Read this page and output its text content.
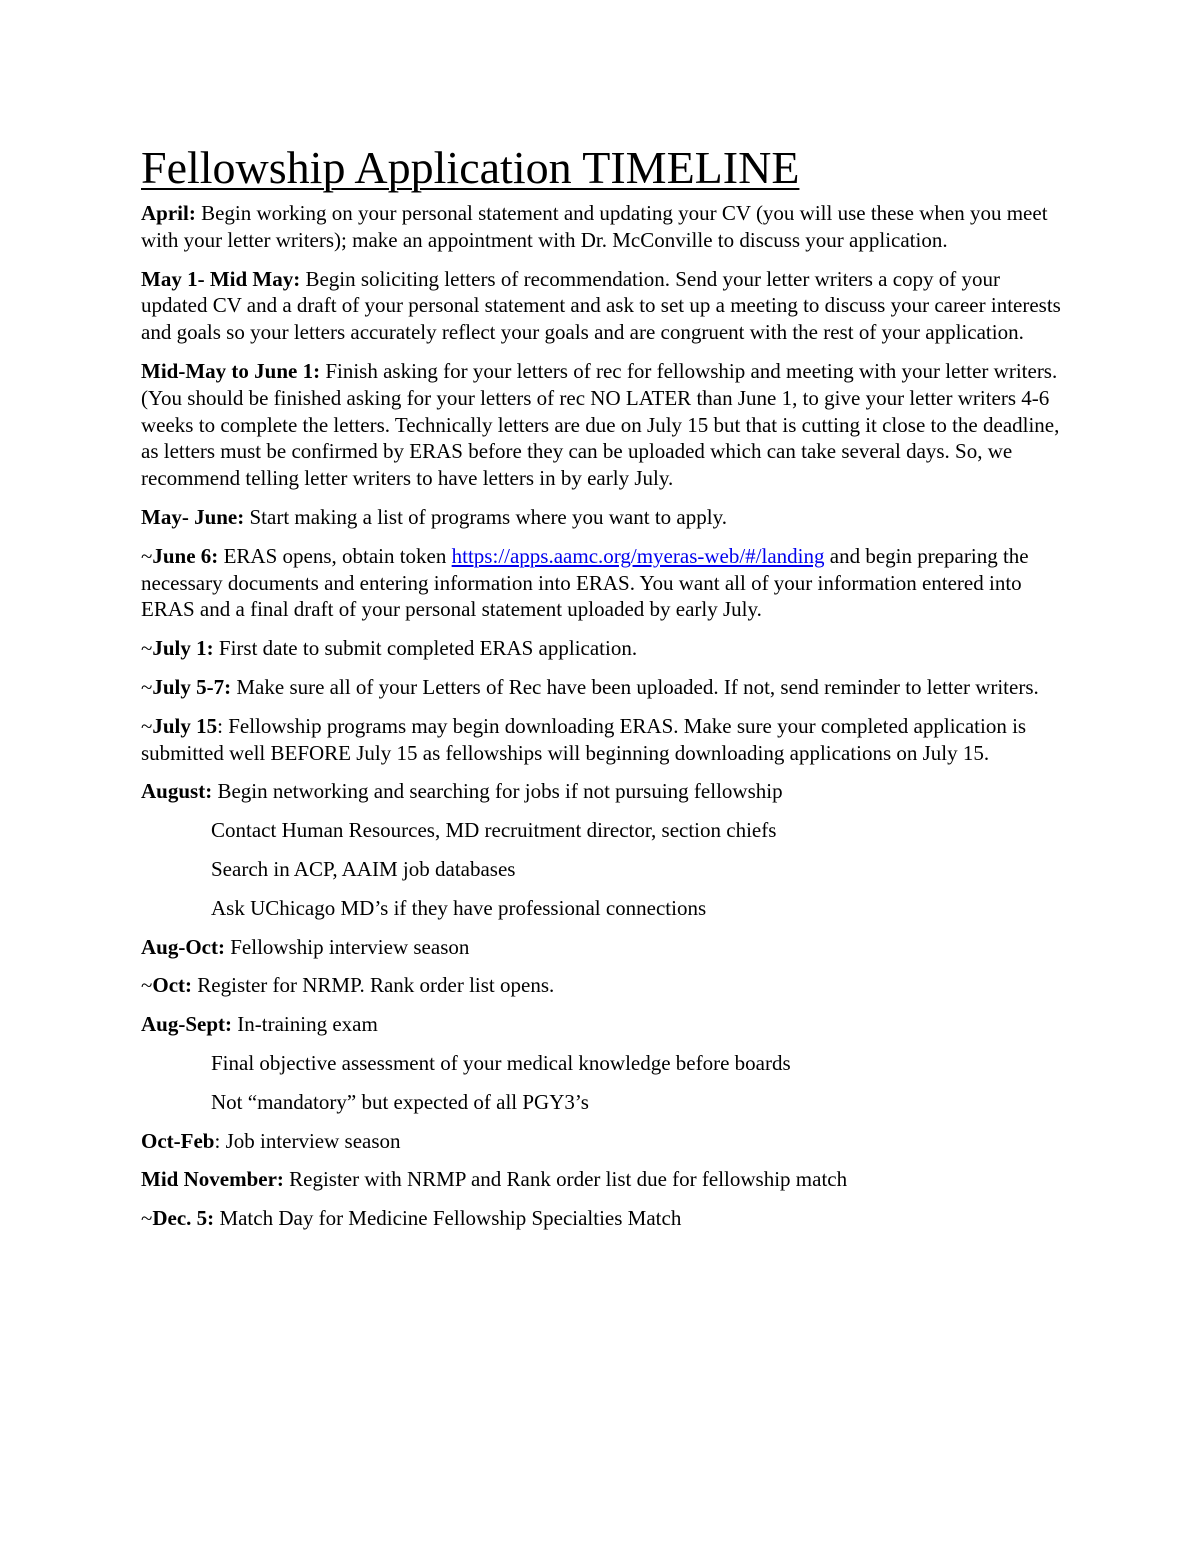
Fellowship Application TIMELINE

April: Begin working on your personal statement and updating your CV (you will use these when you meet with your letter writers); make an appointment with Dr. McConville to discuss your application.

May 1- Mid May: Begin soliciting letters of recommendation. Send your letter writers a copy of your updated CV and a draft of your personal statement and ask to set up a meeting to discuss your career interests and goals so your letters accurately reflect your goals and are congruent with the rest of your application.

Mid-May to June 1: Finish asking for your letters of rec for fellowship and meeting with your letter writers. (You should be finished asking for your letters of rec NO LATER than June 1, to give your letter writers 4-6 weeks to complete the letters. Technically letters are due on July 15 but that is cutting it close to the deadline, as letters must be confirmed by ERAS before they can be uploaded which can take several days. So, we recommend telling letter writers to have letters in by early July.

May- June: Start making a list of programs where you want to apply.

~June 6: ERAS opens, obtain token https://apps.aamc.org/myeras-web/#/landing and begin preparing the necessary documents and entering information into ERAS. You want all of your information entered into ERAS and a final draft of your personal statement uploaded by early July.

~July 1: First date to submit completed ERAS application.

~July 5-7: Make sure all of your Letters of Rec have been uploaded. If not, send reminder to letter writers.

~July 15: Fellowship programs may begin downloading ERAS. Make sure your completed application is submitted well BEFORE July 15 as fellowships will beginning downloading applications on July 15.

August: Begin networking and searching for jobs if not pursuing fellowship

Contact Human Resources, MD recruitment director, section chiefs

Search in ACP, AAIM job databases

Ask UChicago MD’s if they have professional connections

Aug-Oct: Fellowship interview season

~Oct: Register for NRMP. Rank order list opens.

Aug-Sept: In-training exam

Final objective assessment of your medical knowledge before boards

Not “mandatory” but expected of all PGY3’s

Oct-Feb: Job interview season

Mid November: Register with NRMP and Rank order list due for fellowship match

~Dec. 5: Match Day for Medicine Fellowship Specialties Match
